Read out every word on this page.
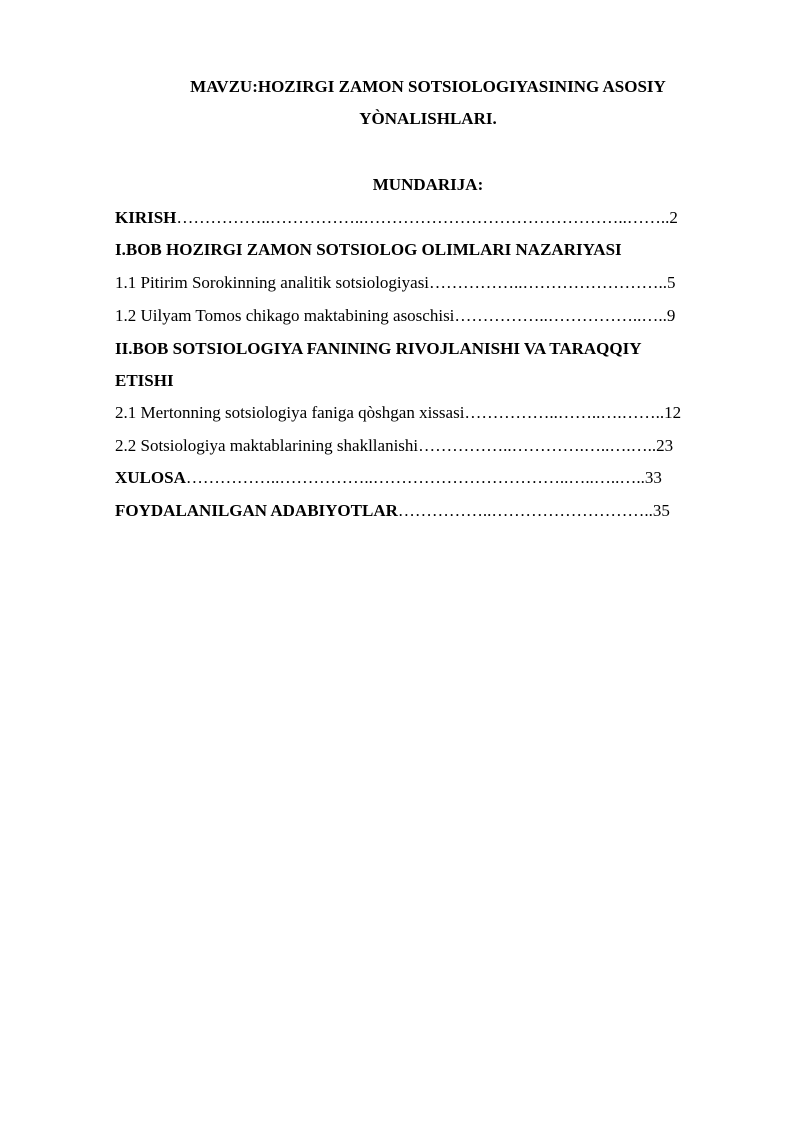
MAVZU:HOZIRGI ZAMON SOTSIOLOGIYASINING ASOSIY
YÒNALISHLARI.
MUNDARIJA:
KIRISH……………..……………..………………………………………..……..2
I.BOB HOZIRGI ZAMON SOTSIOLOG OLIMLARI NAZARIYASI
1.1 Pitirim Sorokinning analitik sotsiologiyasi……………..……………………..5
1.2 Uilyam Tomos chikago maktabining asoschisi……………..……………..…..9
II.BOB SOTSIOLOGIYA FANINING RIVOJLANISHI VA TARAQQIY
ETISHI
2.1 Mertonning sotsiologiya faniga qòshgan xissasi……………..……..….……..12
2.2 Sotsiologiya maktablarining shakllanishi……………..………….…..….…..23
XULOSA……………..……………..……………………………..…..…..…..33
FOYDALANILGAN ADABIYOTLAR……………..………………………..35
